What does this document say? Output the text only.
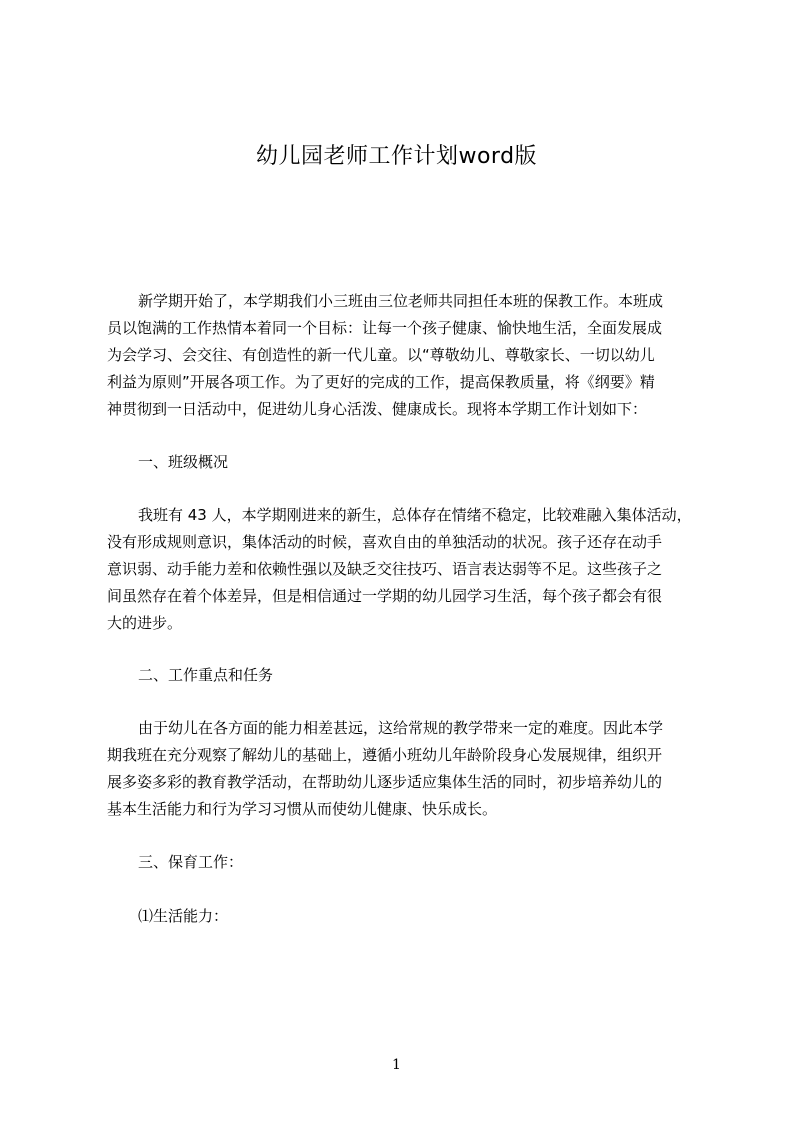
幼儿园老师工作计划word版
新学期开始了，本学期我们小三班由三位老师共同担任本班的保教工作。本班成
员以饱满的工作热情本着同一个目标：让每一个孩子健康、愉快地生活，全面发展成
为会学习、会交往、有创造性的新一代儿童。以“尊敬幼儿、尊敬家长、一切以幼儿
利益为原则”开展各项工作。为了更好的完成的工作，提高保教质量，将《纲要》精
神贯彻到一日活动中，促进幼儿身心活泼、健康成长。现将本学期工作计划如下：
一、班级概况
我班有 43 人，本学期刚进来的新生，总体存在情绪不稳定，比较难融入集体活动，
没有形成规则意识，集体活动的时候，喜欢自由的单独活动的状况。孩子还存在动手
意识弱、动手能力差和依赖性强以及缺乏交往技巧、语言表达弱等不足。这些孩子之
间虽然存在着个体差异，但是相信通过一学期的幼儿园学习生活，每个孩子都会有很
大的进步。
二、工作重点和任务
由于幼儿在各方面的能力相差甚远，这给常规的教学带来一定的难度。因此本学
期我班在充分观察了解幼儿的基础上，遵循小班幼儿年龄阶段身心发展规律，组织开
展多姿多彩的教育教学活动，在帮助幼儿逐步适应集体生活的同时，初步培养幼儿的
基本生活能力和行为学习习惯从而使幼儿健康、快乐成长。
三、保育工作：
⑴生活能力：
1
